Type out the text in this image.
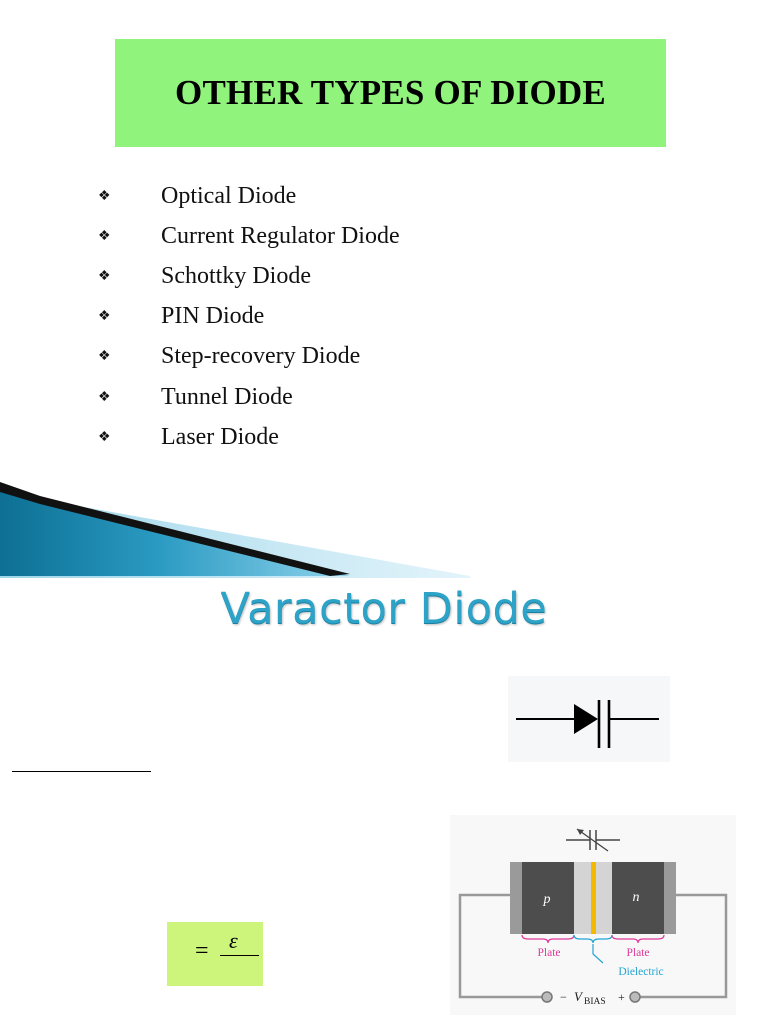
OTHER TYPES OF DIODE
❖	Optical Diode
❖	Current Regulator Diode
❖	Schottky Diode
❖	PIN Diode
❖	Step-recovery Diode
❖	Tunnel Diode
❖	Laser Diode
Varactor Diode
= ε
p	n
Plate	Plate
Dielectric
− V BIAS +
